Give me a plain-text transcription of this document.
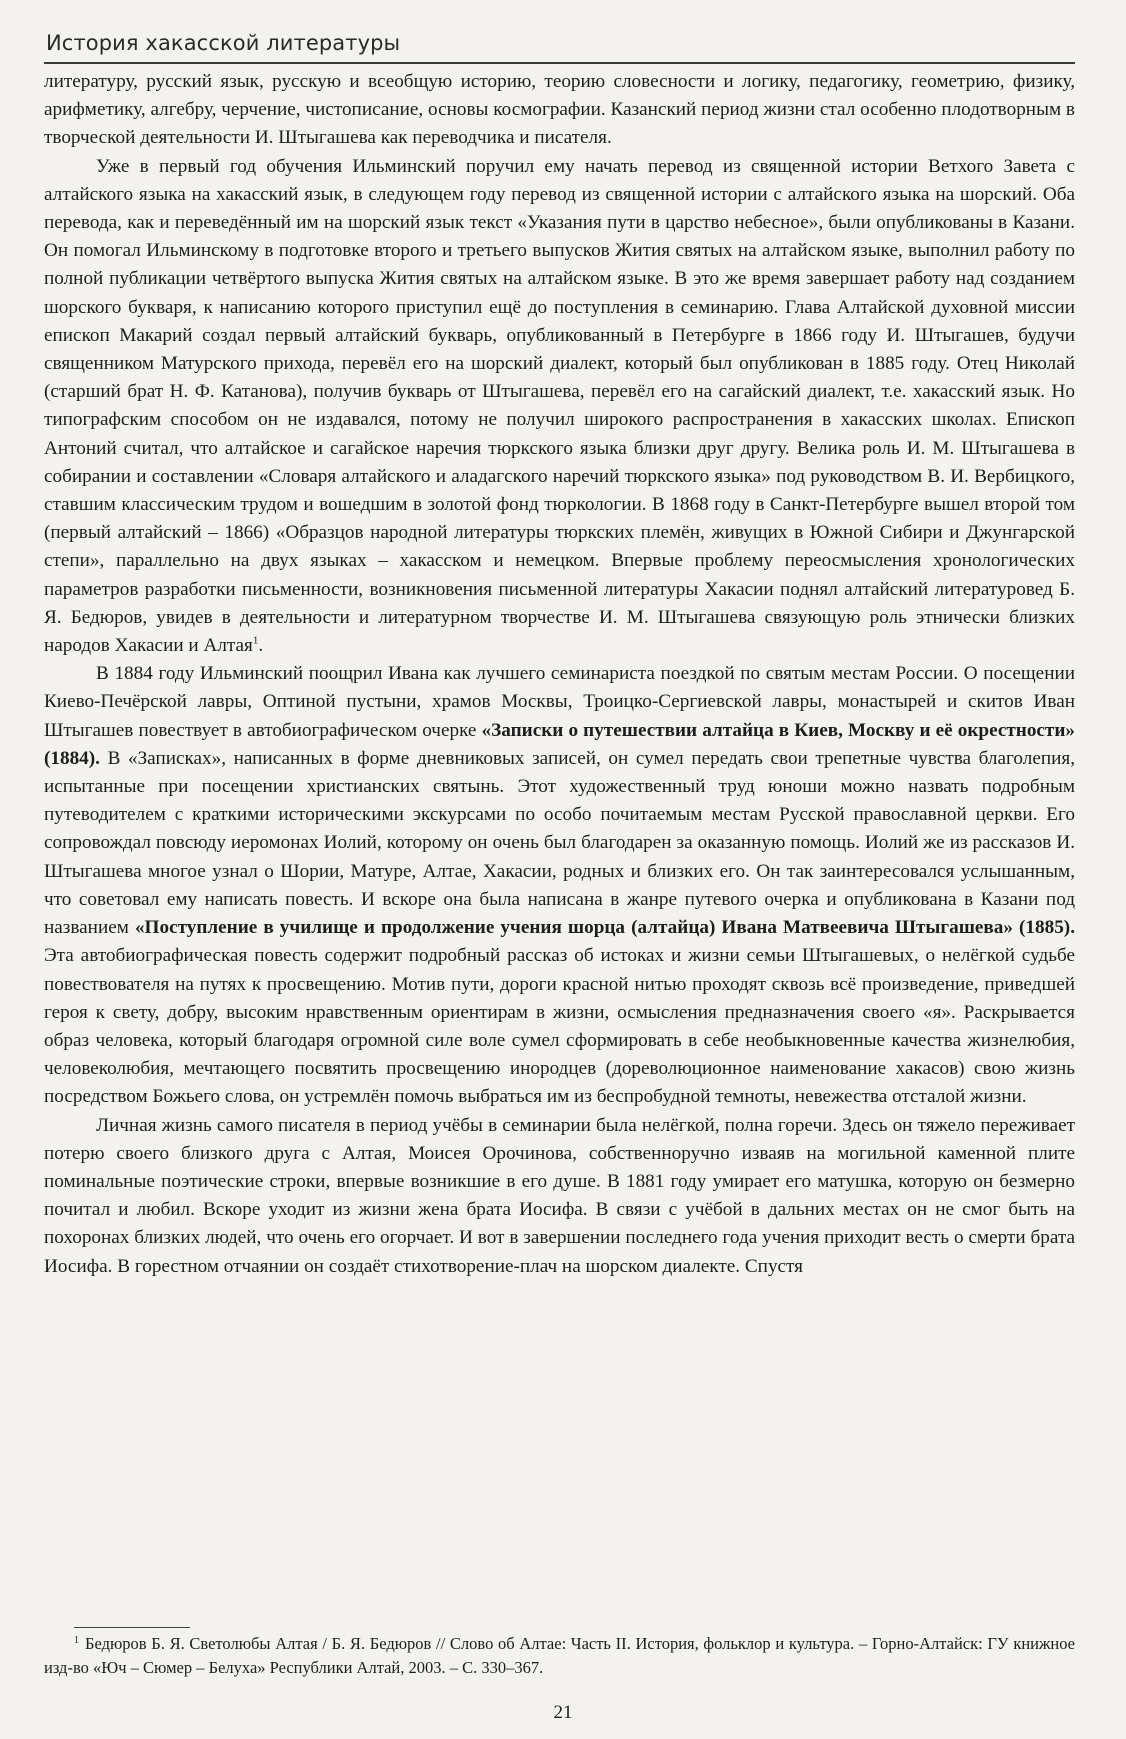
История хакасской литературы

литературу, русский язык, русскую и всеобщую историю, теорию словесности и логику, педагогику, геометрию, физику, арифметику, алгебру, черчение, чистописание, основы космографии. Казанский период жизни стал особенно плодотворным в творческой деятельности И. Штыгашева как переводчика и писателя.

Уже в первый год обучения Ильминский поручил ему начать перевод из священной истории Ветхого Завета с алтайского языка на хакасский язык, в следующем году перевод из священной истории с алтайского языка на шорский. Оба перевода, как и переведённый им на шорский язык текст «Указания пути в царство небесное», были опубликованы в Казани. Он помогал Ильминскому в подготовке второго и третьего выпусков Жития святых на алтайском языке, выполнил работу по полной публикации четвёртого выпуска Жития святых на алтайском языке. В это же время завершает работу над созданием шорского букваря, к написанию которого приступил ещё до поступления в семинарию. Глава Алтайской духовной миссии епископ Макарий создал первый алтайский букварь, опубликованный в Петербурге в 1866 году И. Штыгашев, будучи священником Матурского прихода, перевёл его на шорский диалект, который был опубликован в 1885 году. Отец Николай (старший брат Н. Ф. Катанова), получив букварь от Штыгашева, перевёл его на сагайский диалект, т.е. хакасский язык. Но типографским способом он не издавался, потому не получил широкого распространения в хакасских школах. Епископ Антоний считал, что алтайское и сагайское наречия тюркского языка близки друг другу. Велика роль И. М. Штыгашева в собирании и составлении «Словаря алтайского и аладагского наречий тюркского языка» под руководством В. И. Вербицкого, ставшим классическим трудом и вошедшим в золотой фонд тюркологии. В 1868 году в Санкт-Петербурге вышел второй том (первый алтайский – 1866) «Образцов народной литературы тюркских племён, живущих в Южной Сибири и Джунгарской степи», параллельно на двух языках – хакасском и немецком. Впервые проблему переосмысления хронологических параметров разработки письменности, возникновения письменной литературы Хакасии поднял алтайский литературовед Б. Я. Бедюров, увидев в деятельности и литературном творчестве И. М. Штыгашева связующую роль этнически близких народов Хакасии и Алтая$^1$.

В 1884 году Ильминский поощрил Ивана как лучшего семинариста поездкой по святым местам России. О посещении Киево-Печёрской лавры, Оптиной пустыни, храмов Москвы, Троицко-Сергиевской лавры, монастырей и скитов Иван Штыгашев повествует в автобиографическом очерке «Записки о путешествии алтайца в Киев, Москву и её окрестности» (1884). В «Записках», написанных в форме дневниковых записей, он сумел передать свои трепетные чувства благолепия, испытанные при посещении христианских святынь. Этот художественный труд юноши можно назвать подробным путеводителем с краткими историческими экскурсами по особо почитаемым местам Русской православной церкви. Его сопровождал повсюду иеромонах Иолий, которому он очень был благодарен за оказанную помощь. Иолий же из рассказов И. Штыгашева многое узнал о Шории, Матуре, Алтае, Хакасии, родных и близких его. Он так заинтересовался услышанным, что советовал ему написать повесть. И вскоре она была написана в жанре путевого очерка и опубликована в Казани под названием «Поступление в училище и продолжение учения шорца (алтайца) Ивана Матвеевича Штыгашева» (1885). Эта автобиографическая повесть содержит подробный рассказ об истоках и жизни семьи Штыгашевых, о нелёгкой судьбе повествователя на путях к просвещению. Мотив пути, дороги красной нитью проходят сквозь всё произведение, приведшей героя к свету, добру, высоким нравственным ориентирам в жизни, осмысления предназначения своего «я». Раскрывается образ человека, который благодаря огромной силе воле сумел сформировать в себе необыкновенные качества жизнелюбия, человеколюбия, мечтающего посвятить просвещению инородцев (дореволюционное наименование хакасов) свою жизнь посредством Божьего слова, он устремлён помочь выбраться им из беспробудной темноты, невежества отсталой жизни.

Личная жизнь самого писателя в период учёбы в семинарии была нелёгкой, полна горечи. Здесь он тяжело переживает потерю своего близкого друга с Алтая, Моисея Орочинова, собственноручно изваяв на могильной каменной плите поминальные поэтические строки, впервые возникшие в его душе. В 1881 году умирает его матушка, которую он безмерно почитал и любил. Вскоре уходит из жизни жена брата Иосифа. В связи с учёбой в дальних местах он не смог быть на похоронах близких людей, что очень его огорчает. И вот в завершении последнего года учения приходит весть о смерти брата Иосифа. В горестном отчаянии он создаёт стихотворение-плач на шорском диалекте. Спустя

$^1$ Бедюров Б. Я. Светолюбы Алтая / Б. Я. Бедюров // Слово об Алтае: Часть II. История, фольклор и культура. – Горно-Алтайск: ГУ книжное изд-во «Юч – Сюмер – Белуха» Республики Алтай, 2003. – С. 330–367.
21
